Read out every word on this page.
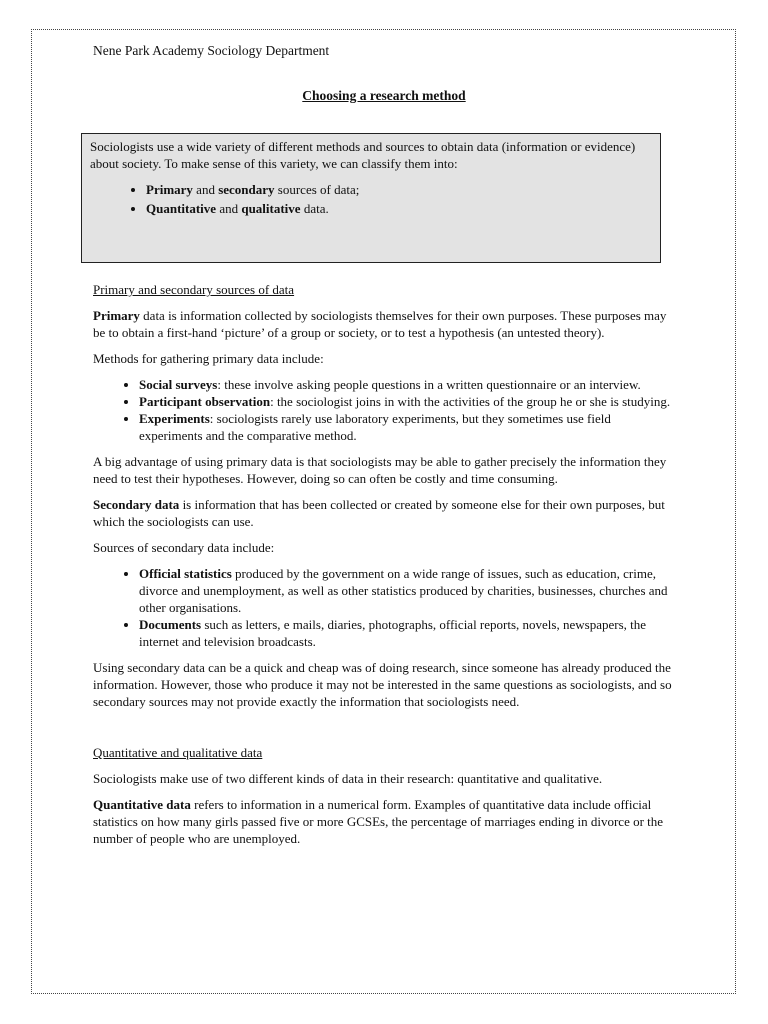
Nene Park Academy Sociology Department
Choosing a research method

Sociologists use a wide variety of different methods and sources to obtain data (information or evidence) about society. To make sense of this variety, we can classify them into:

• Primary and secondary sources of data;
• Quantitative and qualitative data.
Primary and secondary sources of data

Primary data is information collected by sociologists themselves for their own purposes. These purposes may be to obtain a first-hand ‘picture’ of a group or society, or to test a hypothesis (an untested theory).

Methods for gathering primary data include:

• Social surveys: these involve asking people questions in a written questionnaire or an interview.
• Participant observation: the sociologist joins in with the activities of the group he or she is studying.
• Experiments: sociologists rarely use laboratory experiments, but they sometimes use field experiments and the comparative method.

A big advantage of using primary data is that sociologists may be able to gather precisely the information they need to test their hypotheses. However, doing so can often be costly and time consuming.

Secondary data is information that has been collected or created by someone else for their own purposes, but which the sociologists can use.

Sources of secondary data include:

• Official statistics produced by the government on a wide range of issues, such as education, crime, divorce and unemployment, as well as other statistics produced by charities, businesses, churches and other organisations.
• Documents such as letters, e mails, diaries, photographs, official reports, novels, newspapers, the internet and television broadcasts.

Using secondary data can be a quick and cheap was of doing research, since someone has already produced the information. However, those who produce it may not be interested in the same questions as sociologists, and so secondary sources may not provide exactly the information that sociologists need.

Quantitative and qualitative data

Sociologists make use of two different kinds of data in their research: quantitative and qualitative.

Quantitative data refers to information in a numerical form. Examples of quantitative data include official statistics on how many girls passed five or more GCSEs, the percentage of marriages ending in divorce or the number of people who are unemployed.
